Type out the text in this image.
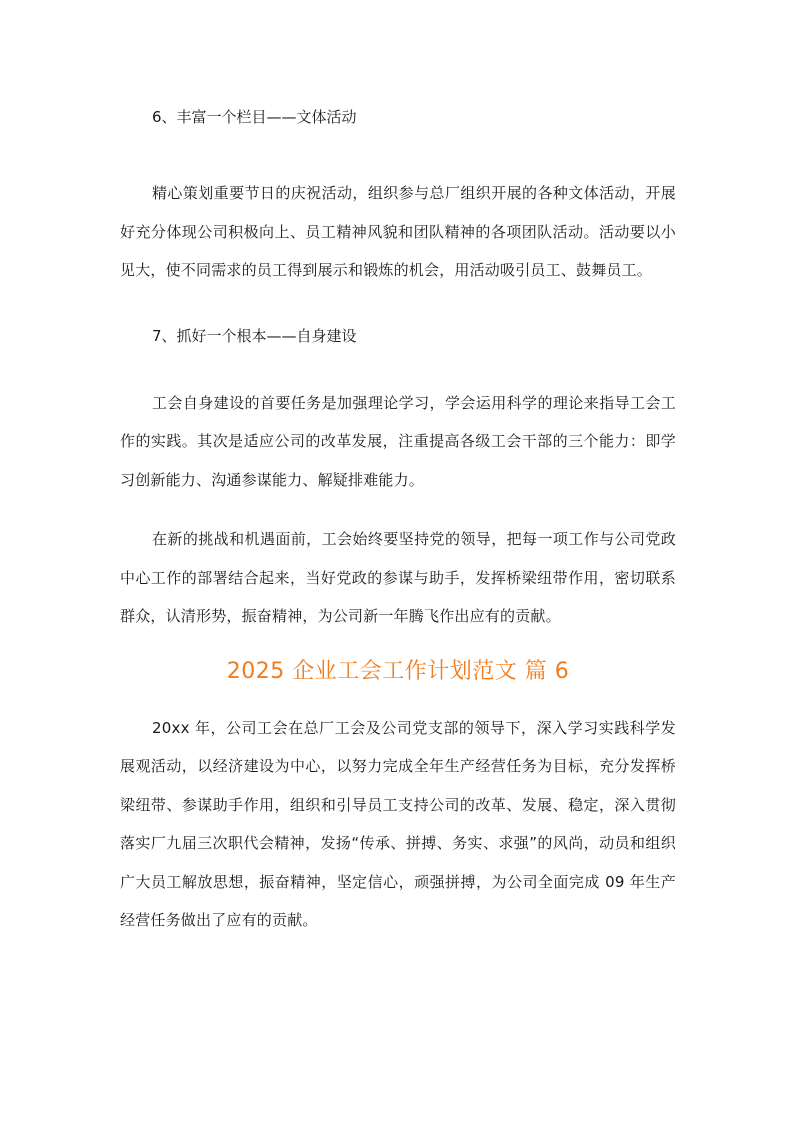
6、丰富一个栏目——文体活动

精心策划重要节日的庆祝活动，组织参与总厂组织开展的各种文体活动，开展好充分体现公司积极向上、员工精神风貌和团队精神的各项团队活动。活动要以小见大，使不同需求的员工得到展示和锻炼的机会，用活动吸引员工、鼓舞员工。

7、抓好一个根本——自身建设

工会自身建设的首要任务是加强理论学习，学会运用科学的理论来指导工会工作的实践。其次是适应公司的改革发展，注重提高各级工会干部的三个能力：即学习创新能力、沟通参谋能力、解疑排难能力。

在新的挑战和机遇面前，工会始终要坚持党的领导，把每一项工作与公司党政中心工作的部署结合起来，当好党政的参谋与助手，发挥桥梁纽带作用，密切联系群众，认清形势，振奋精神，为公司新一年腾飞作出应有的贡献。

2025 企业工会工作计划范文 篇 6

20xx 年，公司工会在总厂工会及公司党支部的领导下，深入学习实践科学发展观活动，以经济建设为中心，以努力完成全年生产经营任务为目标，充分发挥桥梁纽带、参谋助手作用，组织和引导员工支持公司的改革、发展、稳定，深入贯彻落实厂九届三次职代会精神，发扬“传承、拼搏、务实、求强”的风尚，动员和组织广大员工解放思想，振奋精神，坚定信心，顽强拼搏，为公司全面完成 09 年生产经营任务做出了应有的贡献。
